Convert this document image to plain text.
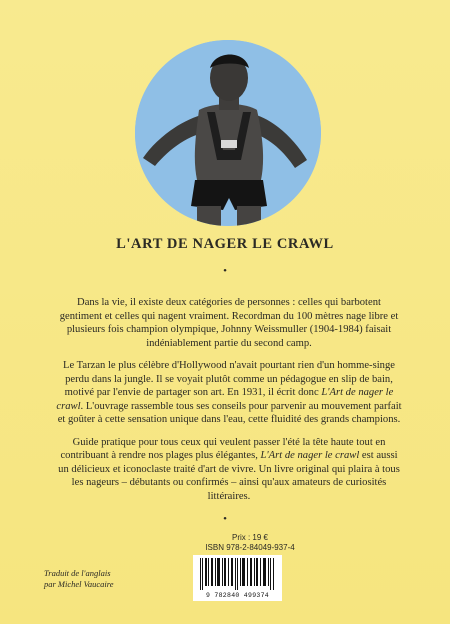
L'ART DE NAGER LE CRAWL
•

Dans la vie, il existe deux catégories de personnes : celles qui barbotent gentiment et celles qui nagent vraiment. Recordman du 100 mètres nage libre et plusieurs fois champion olympique, Johnny Weissmuller (1904-1984) faisait indéniablement partie du second camp.

Le Tarzan le plus célèbre d'Hollywood n'avait pourtant rien d'un homme-singe perdu dans la jungle. Il se voyait plutôt comme un pédagogue en slip de bain, motivé par l'envie de partager son art. En 1931, il écrit donc L'Art de nager le crawl. L'ouvrage rassemble tous ses conseils pour parvenir au mouvement parfait et goûter à cette sensation unique dans l'eau, cette fluidité des grands champions.

Guide pratique pour tous ceux qui veulent passer l'été la tête haute tout en contribuant à rendre nos plages plus élégantes, L'Art de nager le crawl est aussi un délicieux et iconoclaste traité d'art de vivre. Un livre original qui plaira à tous les nageurs – débutants ou confirmés – ainsi qu'aux amateurs de curiosités littéraires.

•
Prix : 19 €
ISBN 978-2-84049-937-4
Traduit de l'anglais
par Michel Vaucaire
9 782840 499374
